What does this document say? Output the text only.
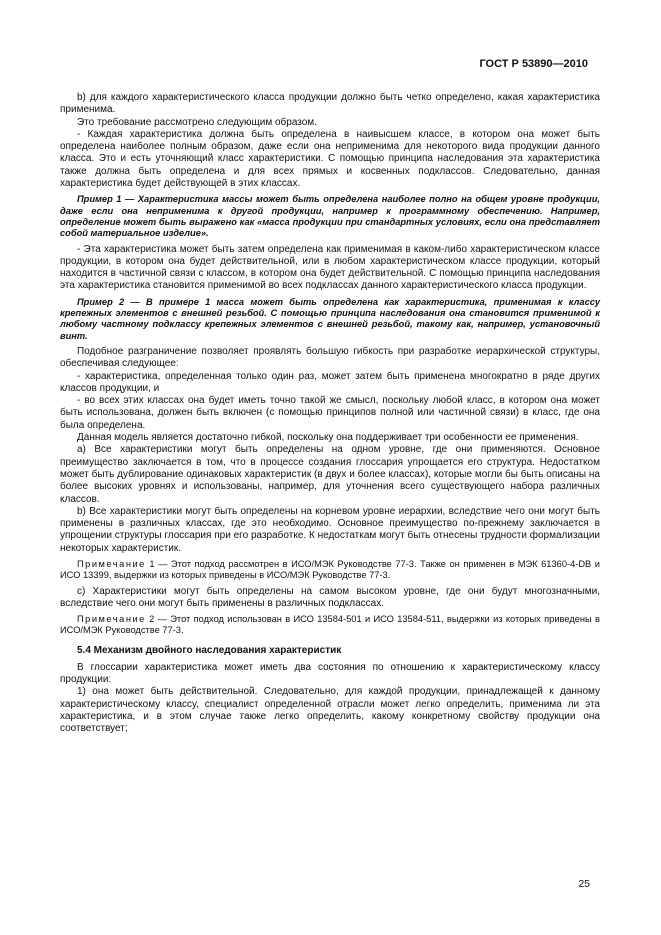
ГОСТ Р 53890—2010

b) для каждого характеристического класса продукции должно быть четко определено, какая характеристика применима.

Это требование рассмотрено следующим образом.

- Каждая характеристика должна быть определена в наивысшем классе, в котором она может быть определена наиболее полным образом, даже если она неприменима для некоторого вида продукции данного класса. Это и есть уточняющий класс характеристики. С помощью принципа наследования эта характеристика также должна быть определена и для всех прямых и косвенных подклассов. Следовательно, данная характеристика будет действующей в этих классах.

Пример 1 — Характеристика массы может быть определена наиболее полно на общем уровне продукции, даже если она неприменима к другой продукции, например к программному обеспечению. Например, определение может быть выражено как «масса продукции при стандартных условиях, если она представляет собой материальное изделие».

- Эта характеристика может быть затем определена как применимая в каком-либо характеристическом классе продукции, в котором она будет действительной, или в любом характеристическом классе продукции, который находится в частичной связи с классом, в котором она будет действительной. С помощью принципа наследования эта характеристика становится применимой во всех подклассах данного характеристического класса продукции.

Пример 2 — В примере 1 масса может быть определена как характеристика, применимая к классу крепежных элементов с внешней резьбой. С помощью принципа наследования она становится применимой к любому частному подклассу крепежных элементов с внешней резьбой, такому как, например, установочный винт.

Подобное разграничение позволяет проявлять большую гибкость при разработке иерархической структуры, обеспечивая следующее:

- характеристика, определенная только один раз, может затем быть применена многократно в ряде других классов продукции, и

- во всех этих классах она будет иметь точно такой же смысл, поскольку любой класс, в котором она может быть использована, должен быть включен (с помощью принципов полной или частичной связи) в класс, где она была определена.

Данная модель является достаточно гибкой, поскольку она поддерживает три особенности ее применения.

а) Все характеристики могут быть определены на одном уровне, где они применяются. Основное преимущество заключается в том, что в процессе создания глоссария упрощается его структура. Недостатком может быть дублирование одинаковых характеристик (в двух и более классах), которые могли бы быть описаны на более высоких уровнях и использованы, например, для уточнения всего существующего набора различных классов.

b) Все характеристики могут быть определены на корневом уровне иерархии, вследствие чего они могут быть применены в различных классах, где это необходимо. Основное преимущество по-прежнему заключается в упрощении структуры глоссария при его разработке. К недостаткам могут быть отнесены трудности формализации некоторых характеристик.

Примечание 1 — Этот подход рассмотрен в ИСО/МЭК Руководстве 77-3. Также он применен в МЭК 61360-4-DB и ИСО 13399, выдержки из которых приведены в ИСО/МЭК Руководстве 77-3.

c) Характеристики могут быть определены на самом высоком уровне, где они будут многозначными, вследствие чего они могут быть применены в различных подклассах.

Примечание 2 — Этот подход использован в ИСО 13584-501 и ИСО 13584-511, выдержки из которых приведены в ИСО/МЭК Руководстве 77-3.

5.4 Механизм двойного наследования характеристик

В глоссарии характеристика может иметь два состояния по отношению к характеристическому классу продукции:

1) она может быть действительной. Следовательно, для каждой продукции, принадлежащей к данному характеристическому классу, специалист определенной отрасли может легко определить, применима ли эта характеристика, и в этом случае также легко определить, какому конкретному свойству продукции она соответствует;

25
